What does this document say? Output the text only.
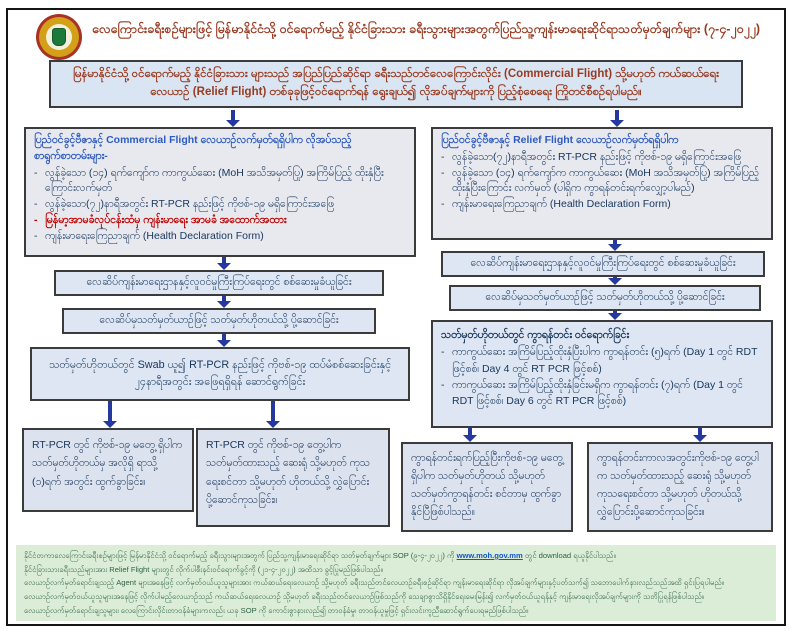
လေကြောင်းခရီးစဉ်များဖြင့် မြန်မာနိုင်ငံသို့ ဝင်ရောက်မည့် နိုင်ငံခြားသား ခရီးသွားများအတွက်ပြည်သူ့ကျန်းမာရေးဆိုင်ရာသတ်မှတ်ချက်များ (၇-၄-၂၀၂၂)
မြန်မာနိုင်ငံသို့ ဝင်ရောက်မည့် နိုင်ငံခြားသား များသည် အပြည်ပြည်ဆိုင်ရာ ခရီးသည်တင်လေကြောင်းလိုင်း (Commercial Flight) သို့မဟုတ် ကယ်ဆယ်ရေးလေယာဉ် (Relief Flight) တစ်ခုခုဖြင့်ဝင်ရောက်ရန် ရွေးချယ်၍ လိုအပ်ချက်များကို ပြည့်စုံစေရေး ကြိုတင်စီစဉ်ရပါမည်။

ပြည်ဝင်ခွင့်ဗီဇာနှင့် Commercial Flight လေယာဉ်လက်မှတ်ရရှိပါက လိုအပ်သည့် စာရွက်စာတမ်းများ-

- လွန်ခဲ့သော (၁၄) ရက်ကျော်က ကာကွယ်ဆေး (MoH အသိအမှတ်ပြု) အကြိမ်ပြည့် ထိုးနှံပြီးကြောင်းလက်မှတ်
- လွန်ခဲ့သော(၇၂)နာရီအတွင်း RT-PCR နည်းဖြင့် ကိုဗစ်-၁၉ မရှိကြောင်းအဖြေ
- မြန်မာ့အာမခံလုပ်ငန်းထံမှ ကျန်းမာရေး အာမခံ အထောက်အထား
- ကျန်းမာရေးကြေညာချက် (Health Declaration Form)
လေဆိပ်ကျန်းမာရေးဌာနနှင့်လူဝင်မှုကြီးကြပ်ရေးတွင် စစ်ဆေးမှုခံယူခြင်း
လေဆိပ်မှသတ်မှတ်ယာဉ်ဖြင့် သတ်မှတ်ဟိုတယ်သို့ ပို့ဆောင်ခြင်း
သတ်မှတ်ဟိုတယ်တွင် Swab ယူ၍ RT-PCR နည်းဖြင့် ကိုဗစ်-၁၉ ထပ်မံစစ်ဆေးခြင်းနှင့် ၂၄နာရီအတွင်း အဖြေရရှိရန် ဆောင်ရွက်ခြင်း
RT-PCR တွင် ကိုဗစ်-၁၉ မတွေ့ ရှိပါက သတ်မှတ်ဟိုတယ်မှ အလိုရှိ ရာသို့ (၁)ရက် အတွင်း ထွက်ခွာခြင်း။
RT-PCR တွင် ကိုဗစ်-၁၉ တွေ့ပါက သတ်မှတ်ထားသည့် ဆေးရုံ သို့မဟုတ် ကုသရေးစင်တာ သို့မဟုတ် ဟိုတယ်သို့ လွှဲပြောင်းပို့ဆောင်ကုသခြင်း။

ပြည်ဝင်ခွင့်ဗီဇာနှင့် Relief Flight လေယာဉ်လက်မှတ်ရရှိပါက

- လွန်ခဲ့သော(၇၂)နာရီအတွင်း RT-PCR နည်းဖြင့် ကိုဗစ်-၁၉ မရှိကြောင်းအဖြေ
- လွန်ခဲ့သော (၁၄) ရက်ကျော်က ကာကွယ်ဆေး (MoH အသိအမှတ်ပြု) အကြိမ်ပြည့် ထိုးနှံပြီးကြောင်း လက်မှတ် (ပါရှိက ကွာရန်တင်းရက်လျှော့ပါမည်)
- ကျန်းမာရေးကြေညာချက် (Health Declaration Form)
လေဆိပ်ကျန်းမာရေးဌာနနှင့်လူဝင်မှုကြီးကြပ်ရေးတွင် စစ်ဆေးမှုခံယူခြင်း
လေဆိပ်မှသတ်မှတ်ယာဉ်ဖြင့် သတ်မှတ်ဟိုတယ်သို့ ပို့ဆောင်ခြင်း
သတ်မှတ်ဟိုတယ်တွင် ကွာရန်တင်း ဝင်ရောက်ခြင်း
- ကာကွယ်ဆေး အကြိမ်ပြည့်ထိုးနှံပြီးပါက ကွာရန်တင်း (၅)ရက် (Day 1 တွင် RDT ဖြင့်စစ်၊ Day 4 တွင် RT PCR ဖြင့်စစ်)
- ကာကွယ်ဆေး အကြိမ်ပြည့်ထိုးနှံခြင်းမရှိက ကွာရန်တင်း (၇)ရက် (Day 1 တွင် RDT ဖြင့်စစ်၊ Day 6 တွင် RT PCR ဖြင့်စစ်)
ကွာရန်တင်းရက်ပြည့်ပြီးကိုဗစ်-၁၉ မတွေ့ ရှိပါက သတ်မှတ်ဟိုတယ် သို့မဟုတ် သတ်မှတ်ကွာရန်တင်း စင်တာမှ ထွက်ခွာနိုင်ပြီဖြစ်ပါသည်။
ကွာရန်တင်းကာလအတွင်းကိုဗစ်-၁၉ တွေ့ပါက သတ်မှတ်ထားသည့် ဆေးရုံ သို့မဟုတ် ကုသရေးစင်တာ သို့မဟုတ် ဟိုတယ်သို့ လွှဲပြောင်းပို့ဆောင်ကုသခြင်း။
နိုင်ငံတကာလေကြောင်းခရီးစဉ်များဖြင့် မြန်မာနိုင်ငံသို့ ဝင်ရောက်မည့် ခရီးသွားများအတွက် ပြည်သူ့ကျန်းမာရေးဆိုင်ရာ သတ်မှတ်ချက်များ SOP (၉-၄-၂၀၂၂) ကို www.moh.gov.mm တွင် download ရယူနိုင်ပါသည်။
နိုင်ငံခြားသားခရီးသည်များအား Relief Flight များတွင် လိုက်ပါစီးနင်းဝင်ရောက်ခွင့်ကို (၂၁-၄-၂၀၂၂) အထိသာ ခွင့်ပြုမည်ဖြစ်ပါသည်။
လေယာဉ်လက်မှတ်ရောင်းချသည့် Agent များအနေဖြင့် လက်မှတ်ဝယ်ယူသူများအား ကယ်ဆယ်ရေးလေယာဉ် သို့မဟုတ် ခရီးသည်တင်လေယာဉ်ခရီးစဉ်ဆိုင်ရာ ကျန်းမာရေးဆိုင်ရာ လိုအပ်ချက်များနှင့်ပတ်သက်၍ သဘောပေါက်နားလည်သည်အထိ ရှင်းပြရပါမည်။
လေယာဉ်လက်မှတ်ဝယ်ယူသူများအနေဖြင့် လိုက်ပါမည့်လေယာဉ်သည် ကယ်ဆယ်ရေးလေယာဉ် သို့မဟုတ် ခရီးသည်တင်လေယာဉ်ဖြစ်သည်ကို သေချာစွာသိရှိနိုင်ရေးမေးမြန်း၍ လက်မှတ်ဝယ်ယူရန်နှင့် ကျန်းမာရေးလိုအပ်ချက်များကို သတိပြုရန်ဖြစ်ပါသည်။
လေယာဉ်လက်မှတ်ရောင်းချသူများ၊ လေကြောင်းလိုင်းတာဝန်ခံများကလည်း ယခု SOP ကို ကောင်းစွာနားလည်၍ တာဝန်ခံမှု၊ တာဝန်ယူမှုဖြင့် ရှင်းလင်းကူညီဆောင်ရွက်ပေးရမည်ဖြစ်ပါသည်။
